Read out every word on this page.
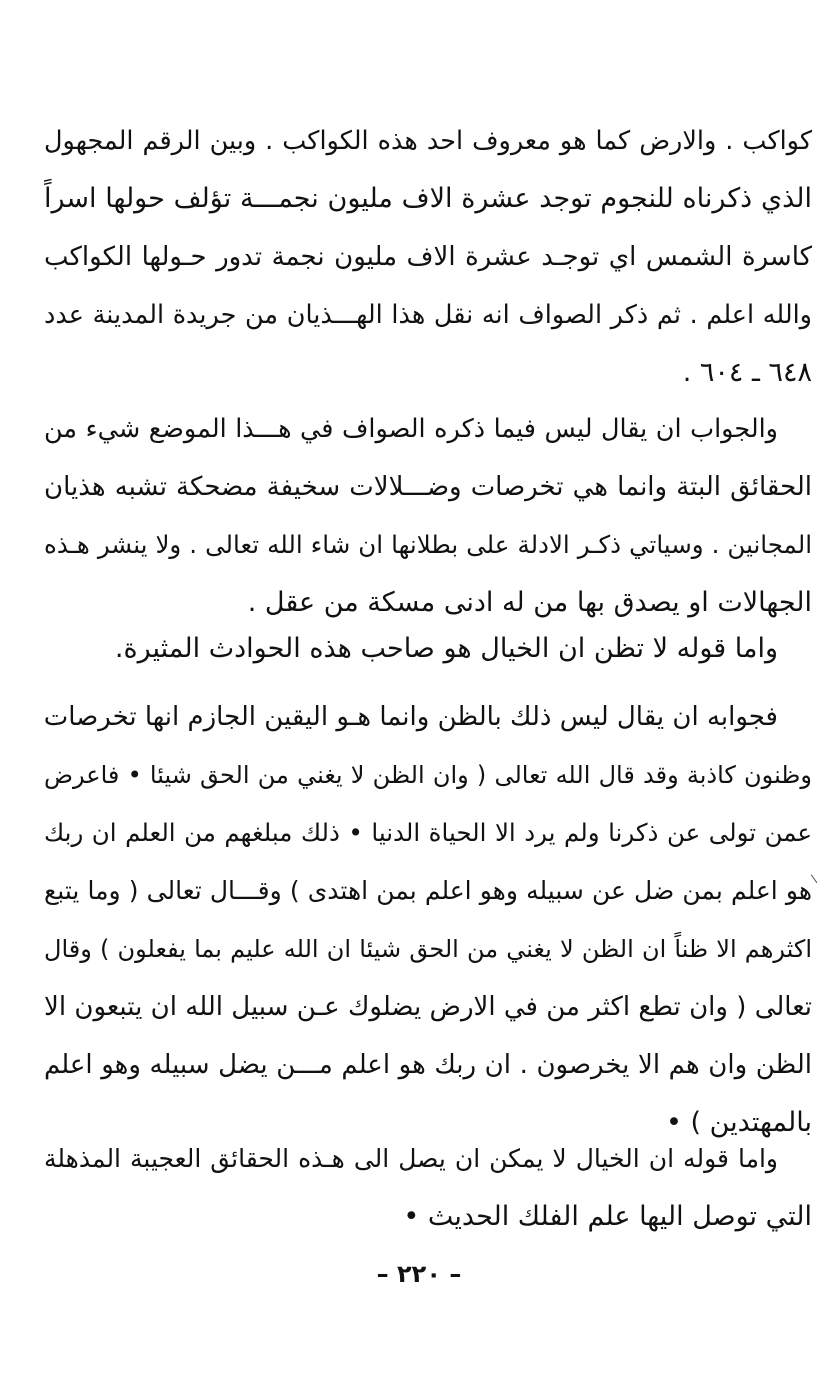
كواكب . والارض كما هو معروف احد هذه الكواكب . وبين الرقم المجهول
الذي ذكرناه للنجوم توجد عشرة الاف مليون نجمـــة تؤلف حولها اسراً
كاسرة الشمس اي توجـد عشرة الاف مليون نجمة تدور حـولها الكواكب
والله اعلم . ثم ذكر الصواف انه نقل هذا الهـــذيان من جريدة المدينة عدد
٦٤٨ ـ ٦٠٤ .
والجواب ان يقال ليس فيما ذكره الصواف في هـــذا الموضع شيء من
الحقائق البتة وانما هي تخرصات وضـــلالات سخيفة مضحكة تشبه هذيان
المجانين . وسياتي ذكـر الادلة على بطلانها ان شاء الله تعالى . ولا ينشر هـذه
الجهالات او يصدق بها من له ادنى مسكة من عقل .
واما قوله لا تظن ان الخيال هو صاحب هذه الحوادث المثيرة.
فجوابه ان يقال ليس ذلك بالظن وانما هـو اليقين الجازم انها تخرصات
وظنون كاذبة وقد قال الله تعالى ( وان الظن لا يغني من الحق شيئا • فاعرض
عمن تولى عن ذكرنا ولم يرد الا الحياة الدنيا • ذلك مبلغهم من العلم ان ربك
هو اعلم بمن ضل عن سبيله وهو اعلم بمن اهتدى ) وقـــال تعالى ( وما يتبع
اكثرهم الا ظناً ان الظن لا يغني من الحق شيئا ان الله عليم بما يفعلون ) وقال
تعالى ( وان تطع اكثر من في الارض يضلوك عـن سبيل الله ان يتبعون الا
الظن وان هم الا يخرصون . ان ربك هو اعلم مـــن يضل سبيله وهو اعلم
بالمهتدين ) •
واما قوله ان الخيال لا يمكن ان يصل الى هـذه الحقائق العجيبة المذهلة
التي توصل اليها علم الفلك الحديث •
– ٢٢٠ –
